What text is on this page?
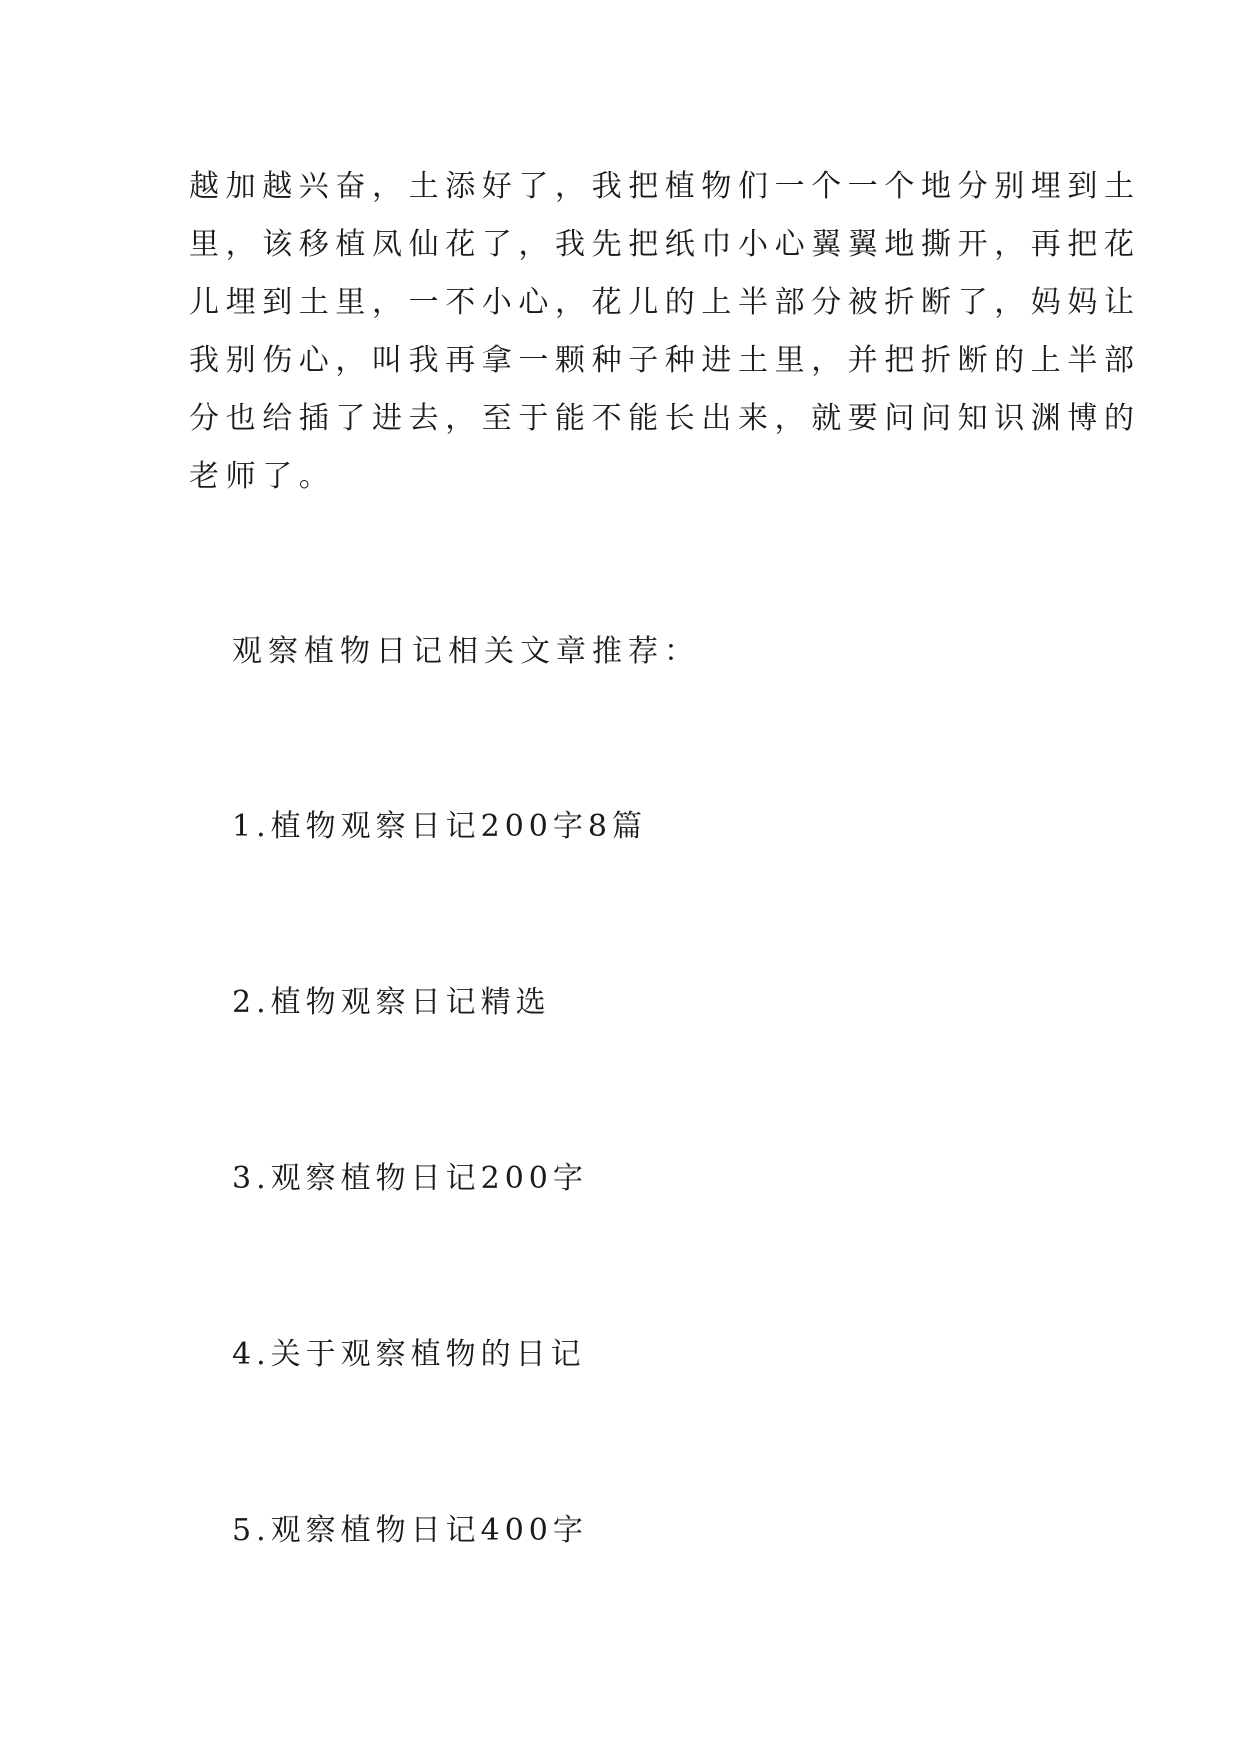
越加越兴奋，土添好了，我把植物们一个一个地分别埋到土
里，该移植凤仙花了，我先把纸巾小心翼翼地撕开，再把花
儿埋到土里，一不小心，花儿的上半部分被折断了，妈妈让
我别伤心，叫我再拿一颗种子种进土里，并把折断的上半部
分也给插了进去，至于能不能长出来，就要问问知识渊博的
老师了。
观察植物日记相关文章推荐：
1.植物观察日记200字8篇
2.植物观察日记精选
3.观察植物日记200字
4.关于观察植物的日记
5.观察植物日记400字
